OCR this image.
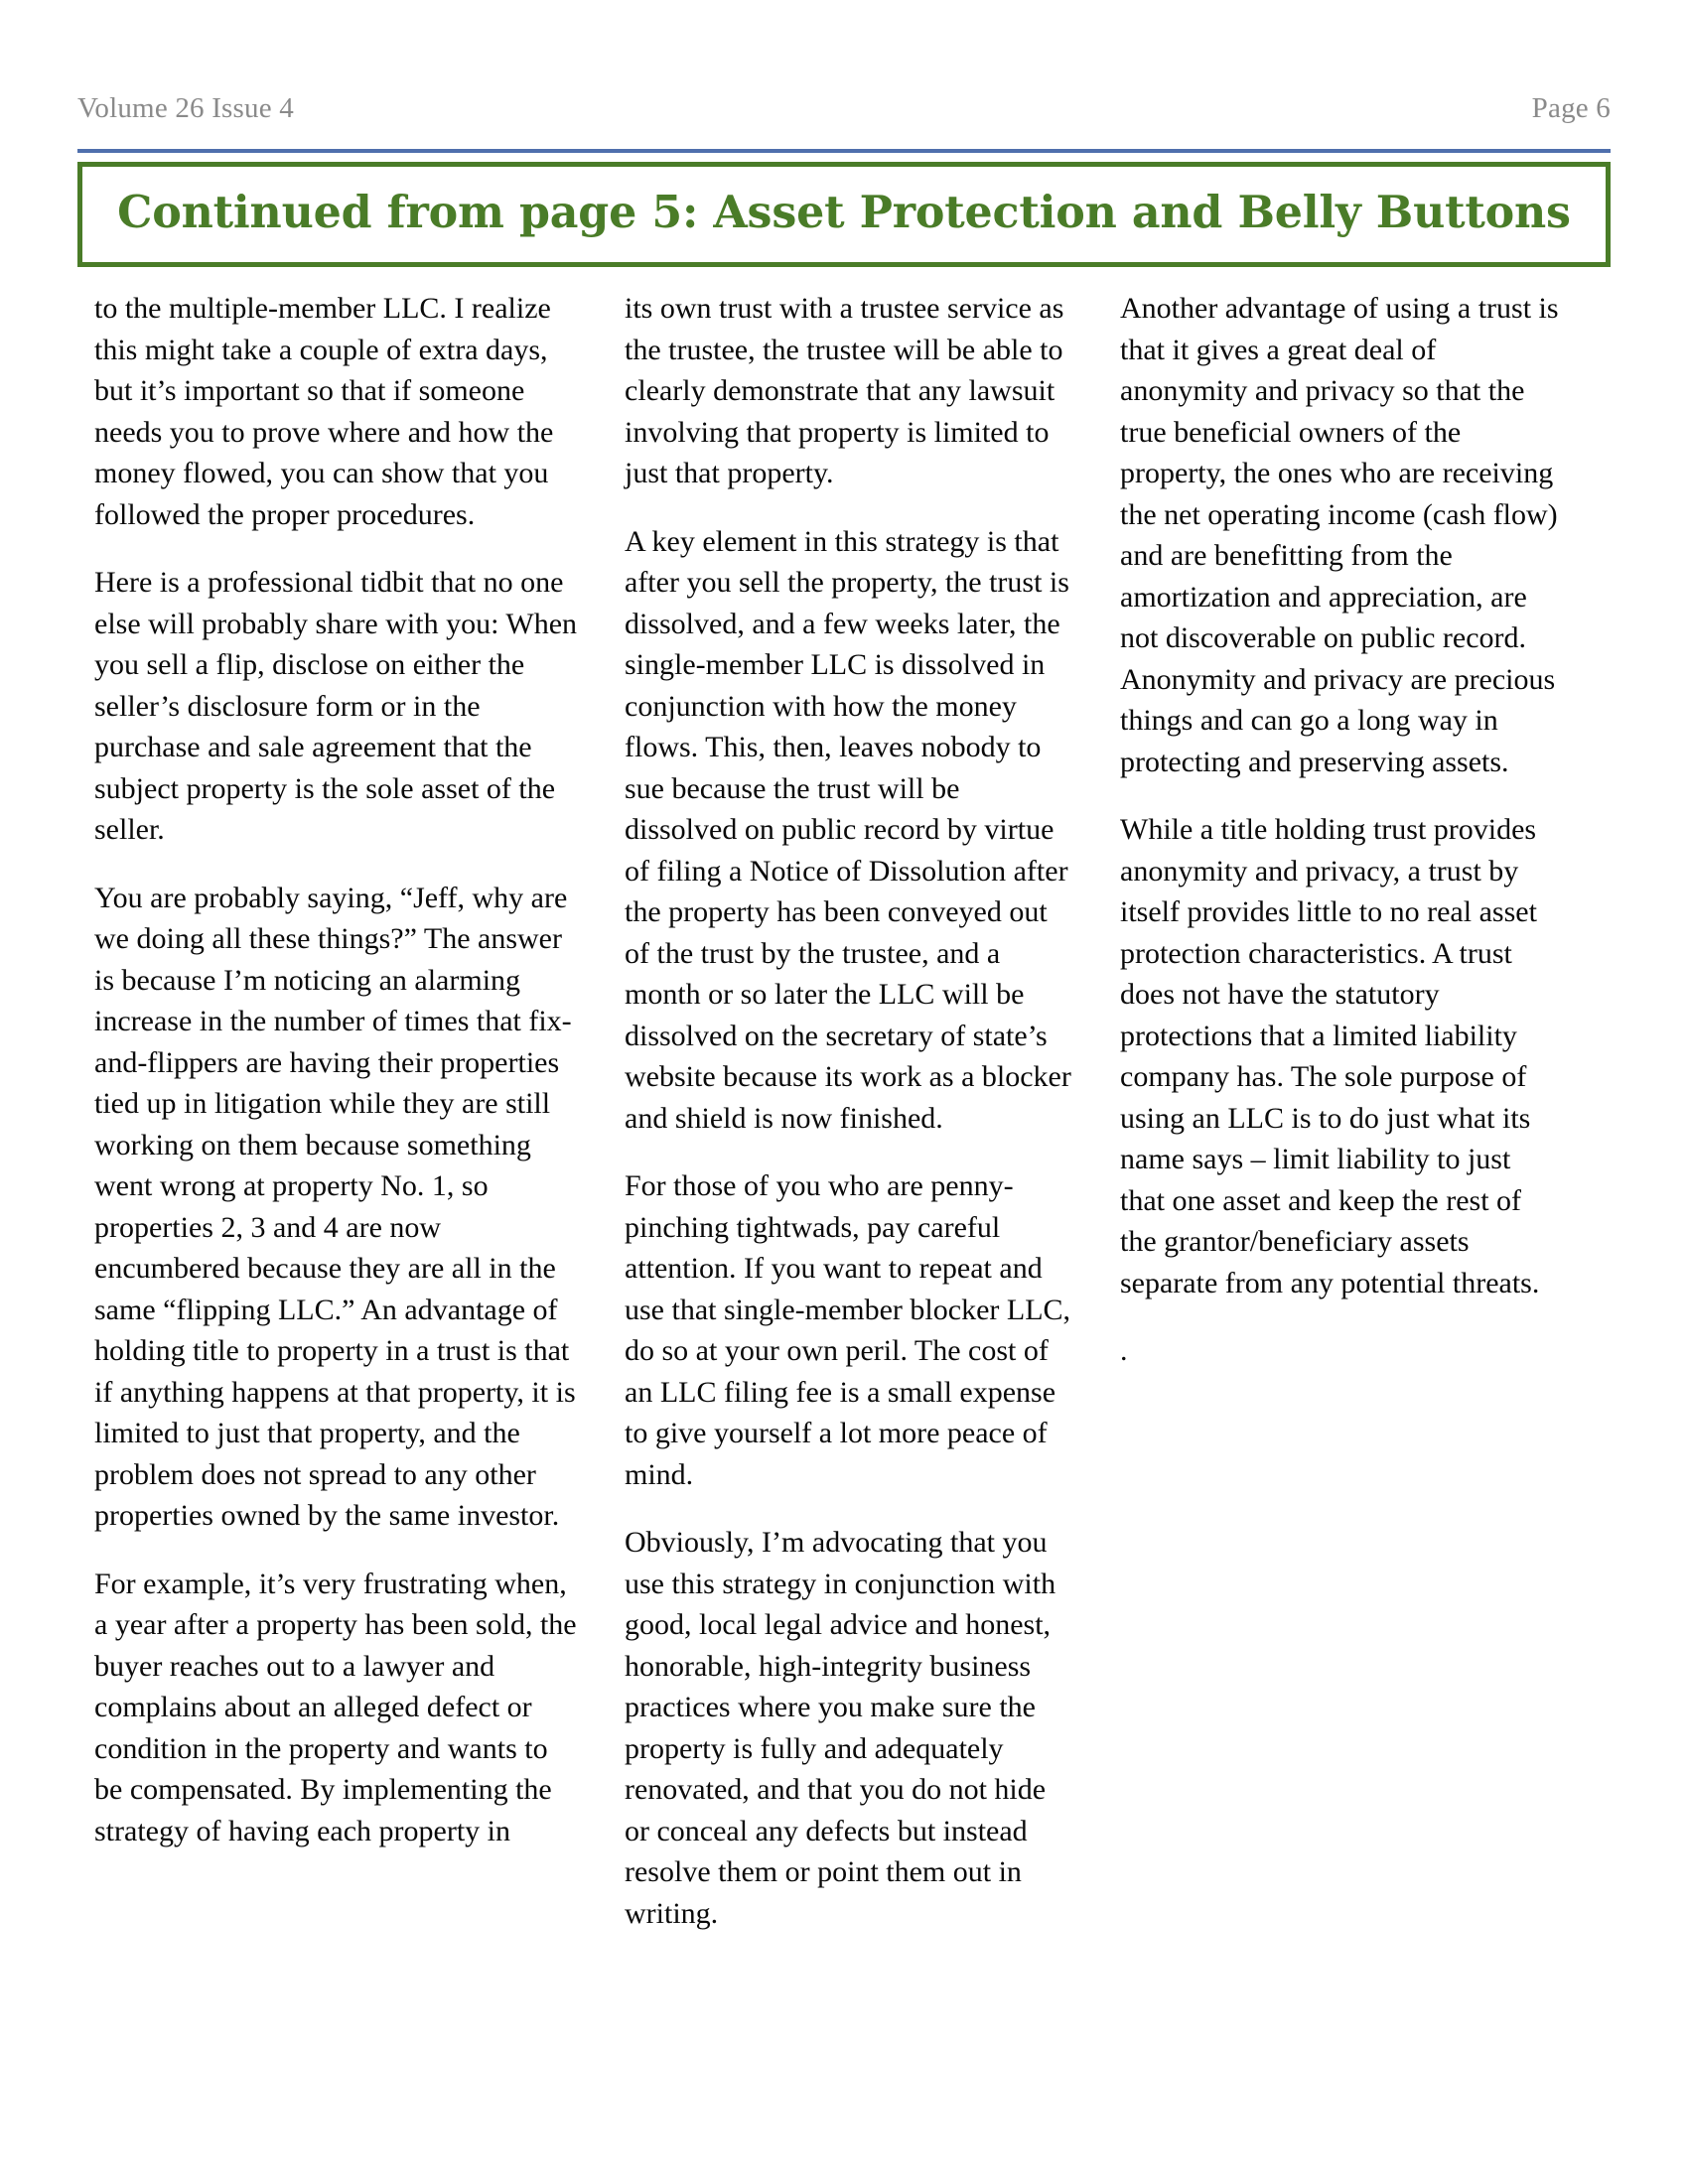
Volume 26 Issue 4	Page 6
Continued from page 5: Asset Protection and Belly Buttons

to the multiple-member LLC. I realize this might take a couple of extra days, but it’s important so that if someone needs you to prove where and how the money flowed, you can show that you followed the proper procedures.

Here is a professional tidbit that no one else will probably share with you: When you sell a flip, disclose on either the seller’s disclosure form or in the purchase and sale agreement that the subject property is the sole asset of the seller.

You are probably saying, “Jeff, why are we doing all these things?” The answer is because I’m noticing an alarming increase in the number of times that fix-and-flippers are having their properties tied up in litigation while they are still working on them because something went wrong at property No. 1, so properties 2, 3 and 4 are now encumbered because they are all in the same “flipping LLC.” An advantage of holding title to property in a trust is that if anything happens at that property, it is limited to just that property, and the problem does not spread to any other properties owned by the same investor.

For example, it’s very frustrating when, a year after a property has been sold, the buyer reaches out to a lawyer and complains about an alleged defect or condition in the property and wants to be compensated. By implementing the strategy of having each property in

its own trust with a trustee service as the trustee, the trustee will be able to clearly demonstrate that any lawsuit involving that property is limited to just that property.

A key element in this strategy is that after you sell the property, the trust is dissolved, and a few weeks later, the single-member LLC is dissolved in conjunction with how the money flows. This, then, leaves nobody to sue because the trust will be dissolved on public record by virtue of filing a Notice of Dissolution after the property has been conveyed out of the trust by the trustee, and a month or so later the LLC will be dissolved on the secretary of state’s website because its work as a blocker and shield is now finished.

For those of you who are penny-pinching tightwads, pay careful attention. If you want to repeat and use that single-member blocker LLC, do so at your own peril. The cost of an LLC filing fee is a small expense to give yourself a lot more peace of mind.

Obviously, I’m advocating that you use this strategy in conjunction with good, local legal advice and honest, honorable, high-integrity business practices where you make sure the property is fully and adequately renovated, and that you do not hide or conceal any defects but instead resolve them or point them out in writing.

Another advantage of using a trust is that it gives a great deal of anonymity and privacy so that the true beneficial owners of the property, the ones who are receiving the net operating income (cash flow) and are benefitting from the amortization and appreciation, are not discoverable on public record. Anonymity and privacy are precious things and can go a long way in protecting and preserving assets.

While a title holding trust provides anonymity and privacy, a trust by itself provides little to no real asset protection characteristics. A trust does not have the statutory protections that a limited liability company has. The sole purpose of using an LLC is to do just what its name says – limit liability to just that one asset and keep the rest of the grantor/beneficiary assets separate from any potential threats.

.
